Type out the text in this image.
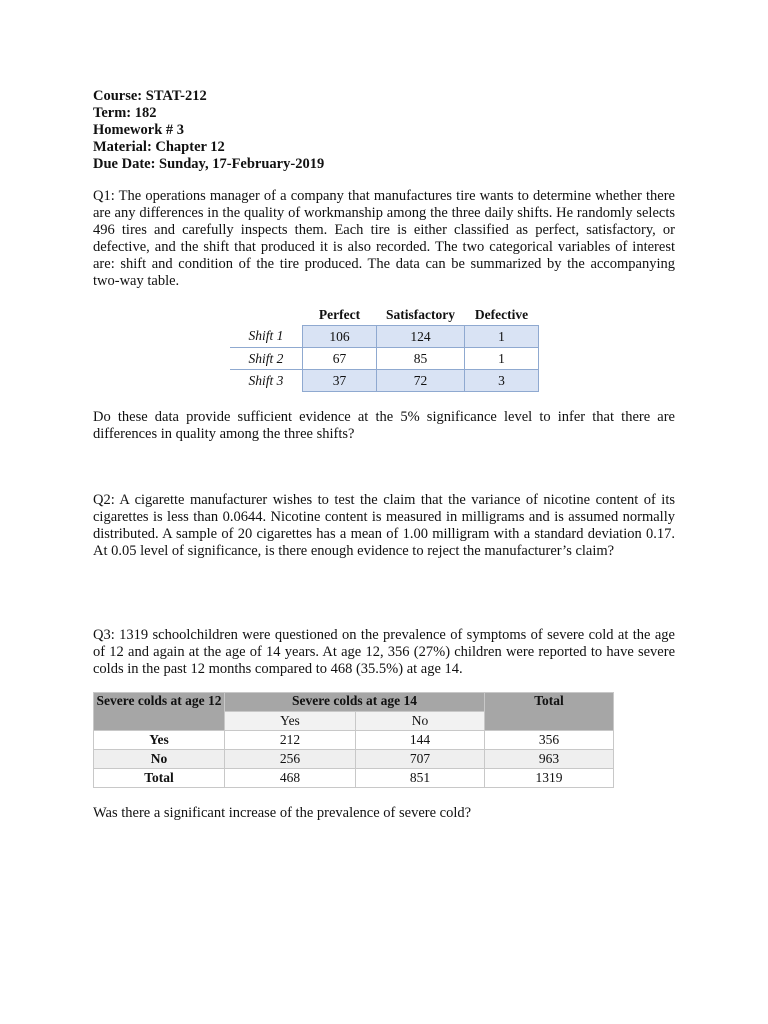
Course: STAT-212
Term: 182
Homework # 3
Material: Chapter 12
Due Date: Sunday, 17-February-2019
Q1: The operations manager of a company that manufactures tire wants to determine whether there are any differences in the quality of workmanship among the three daily shifts. He randomly selects 496 tires and carefully inspects them. Each tire is either classified as perfect, satisfactory, or defective, and the shift that produced it is also recorded. The two categorical variables of interest are: shift and condition of the tire produced. The data can be summarized by the accompanying two-way table.
	Perfect	Satisfactory	Defective
Shift 1	106	124	1
Shift 2	67	85	1
Shift 3	37	72	3
Do these data provide sufficient evidence at the 5% significance level to infer that there are differences in quality among the three shifts?
Q2: A cigarette manufacturer wishes to test the claim that the variance of nicotine content of its cigarettes is less than 0.0644. Nicotine content is measured in milligrams and is assumed normally distributed. A sample of 20 cigarettes has a mean of 1.00 milligram with a standard deviation 0.17. At 0.05 level of significance, is there enough evidence to reject the manufacturer’s claim?
Q3: 1319 schoolchildren were questioned on the prevalence of symptoms of severe cold at the age of 12 and again at the age of 14 years. At age 12, 356 (27%) children were reported to have severe colds in the past 12 months compared to 468 (35.5%) at age 14.
Severe colds at age 12	Severe colds at age 14		Total
	Yes	No	
Yes	212	144	356
No	256	707	963
Total	468	851	1319
Was there a significant increase of the prevalence of severe cold?
